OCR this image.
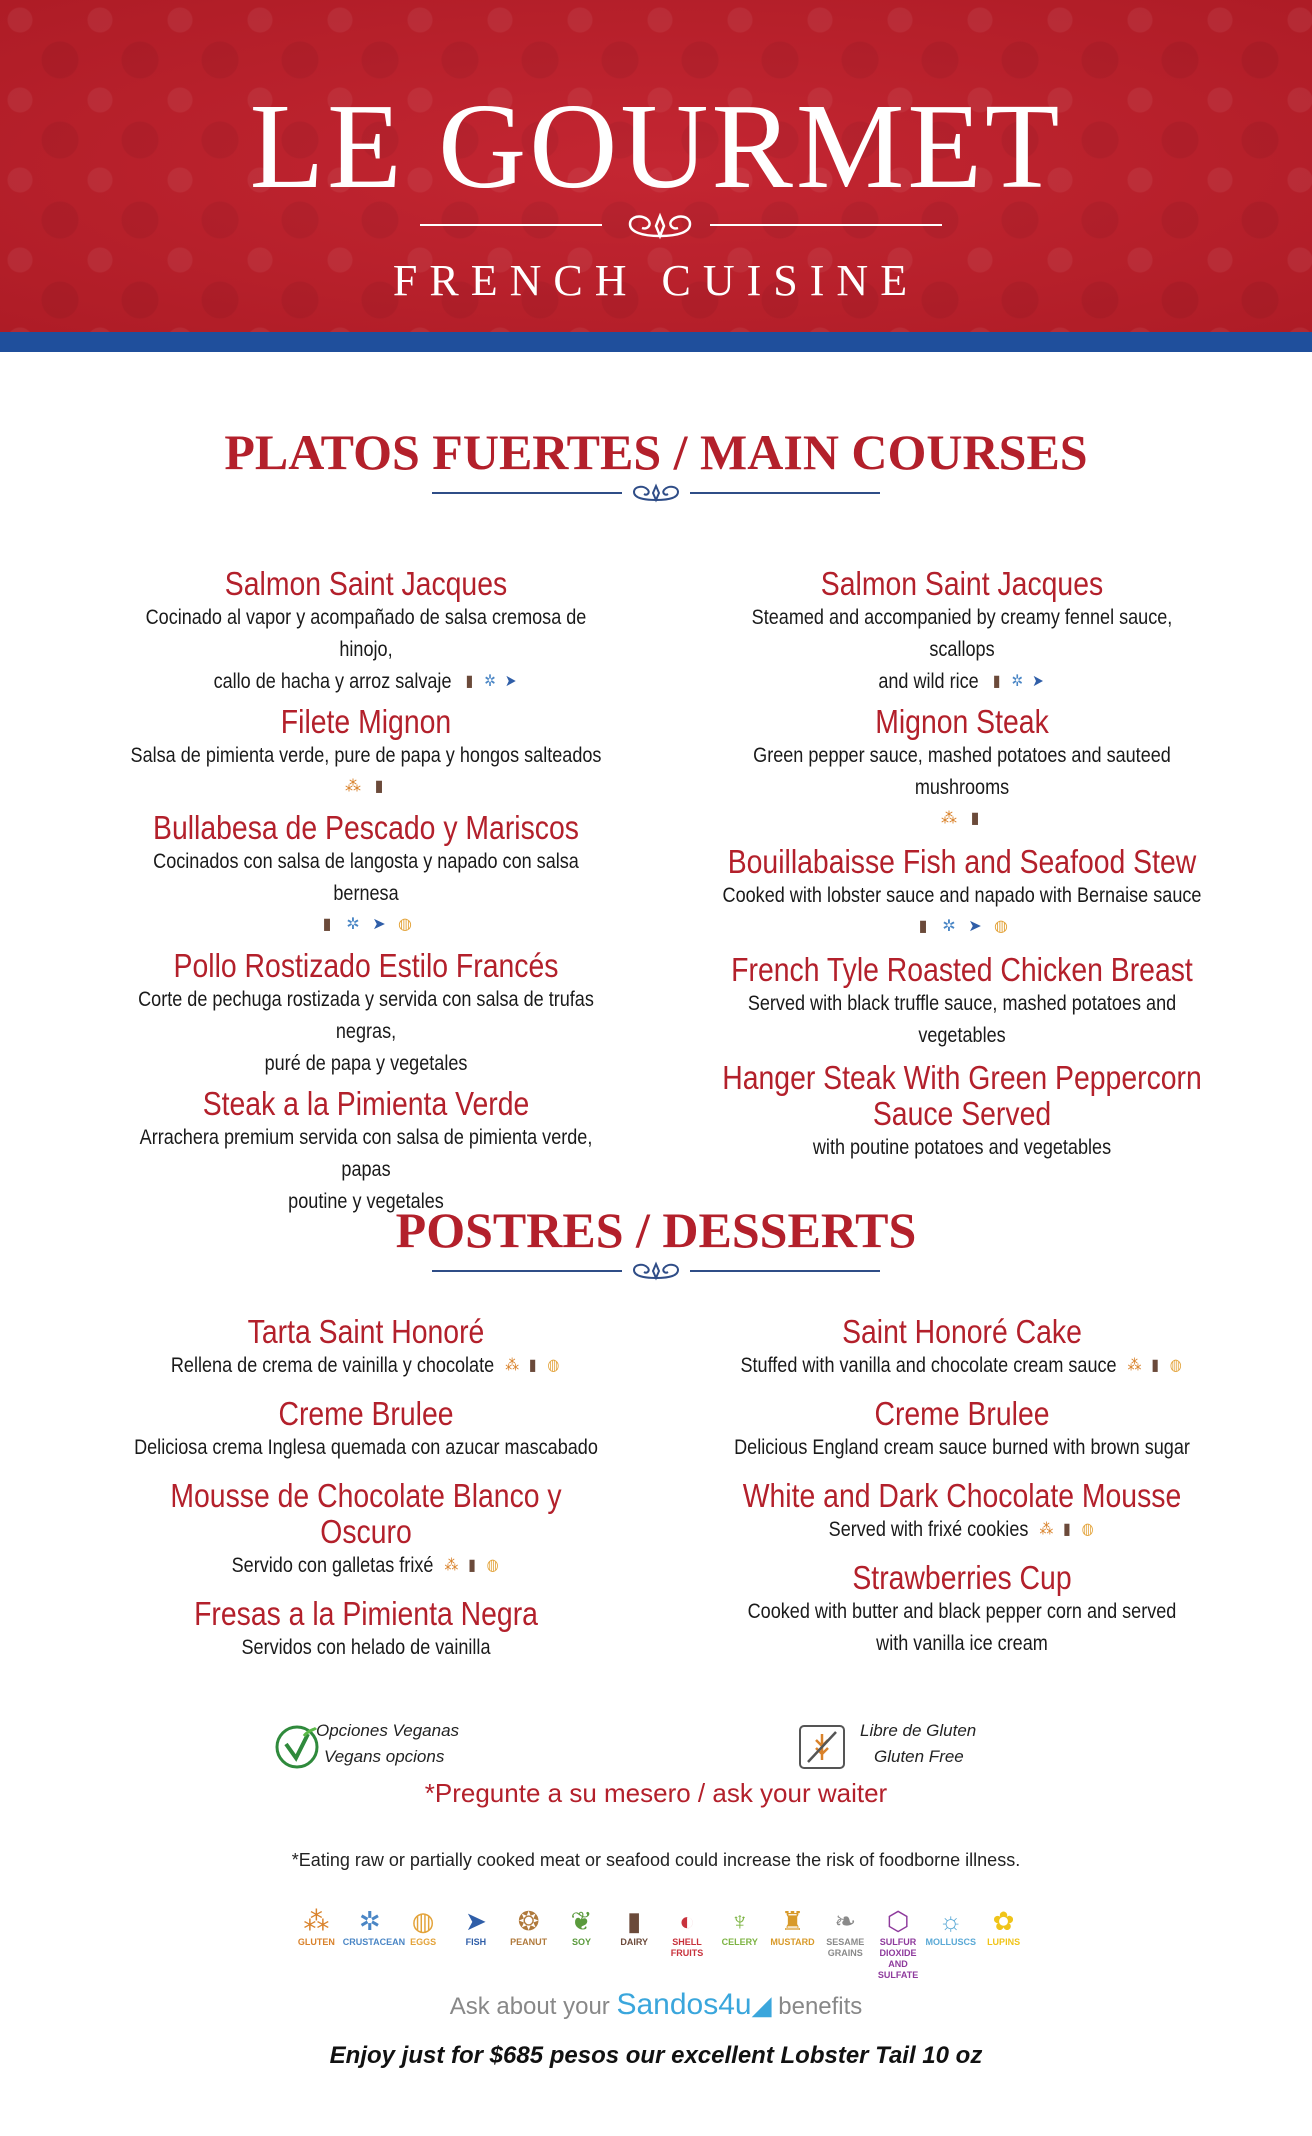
LE GOURMET
FRENCH CUISINE
PLATOS FUERTES / MAIN COURSES
Salmon Saint Jacques
Cocinado al vapor y acompañado de salsa cremosa de hinojo,
callo de hacha y arroz salvaje ▮ ✲ ➤
Filete Mignon
Salsa de pimienta verde, pure de papa y hongos salteados
⁂ ▮
Bullabesa de Pescado y Mariscos
Cocinados con salsa de langosta y napado con salsa bernesa
▮ ✲ ➤ ◍
Pollo Rostizado Estilo Francés
Corte de pechuga rostizada y servida con salsa de trufas negras,
puré de papa y vegetales
Steak a la Pimienta Verde
Arrachera premium servida con salsa de pimienta verde, papas
poutine y vegetales
Salmon Saint Jacques
Steamed and accompanied by creamy fennel sauce, scallops
and wild rice ▮ ✲ ➤
Mignon Steak
Green pepper sauce, mashed potatoes and sauteed mushrooms
⁂ ▮
Bouillabaisse Fish and Seafood Stew
Cooked with lobster sauce and napado with Bernaise sauce
▮ ✲ ➤ ◍
French Tyle Roasted Chicken Breast
Served with black truffle sauce, mashed potatoes and
vegetables
Hanger Steak With Green Peppercorn
Sauce Served
with poutine potatoes and vegetables
POSTRES / DESSERTS
Tarta Saint Honoré
Rellena de crema de vainilla y chocolate ⁂ ▮ ◍
Creme Brulee
Deliciosa crema Inglesa quemada con azucar mascabado
Mousse de Chocolate Blanco y Oscuro
Servido con galletas frixé ⁂ ▮ ◍
Fresas a la Pimienta Negra
Servidos con helado de vainilla
Saint Honoré Cake
Stuffed with vanilla and chocolate cream sauce ⁂ ▮ ◍
Creme Brulee
Delicious England cream sauce burned with brown sugar
White and Dark Chocolate Mousse
Served with frixé cookies ⁂ ▮ ◍
Strawberries Cup
Cooked with butter and black pepper corn and served
with vanilla ice cream
Opciones Veganas
Vegans opcions
Libre de Gluten
Gluten Free
*Pregunte a su mesero / ask your waiter
*Eating raw or partially cooked meat or seafood could increase the risk of foodborne illness.
⁂
GLUTEN
✲
CRUSTACEAN
◍
EGGS
➤
FISH
❂
PEANUT
❦
SOY
▮
DAIRY
◐
SHELL FRUITS
♆
CELERY
♜
MUSTARD
❧
SESAME GRAINS
⬡
SULFUR DIOXIDE AND SULFATE
☼
MOLLUSCS
✿
LUPINS
Ask about your Sandos4u◢ benefits
Enjoy just for $685 pesos our excellent Lobster Tail 10 oz
